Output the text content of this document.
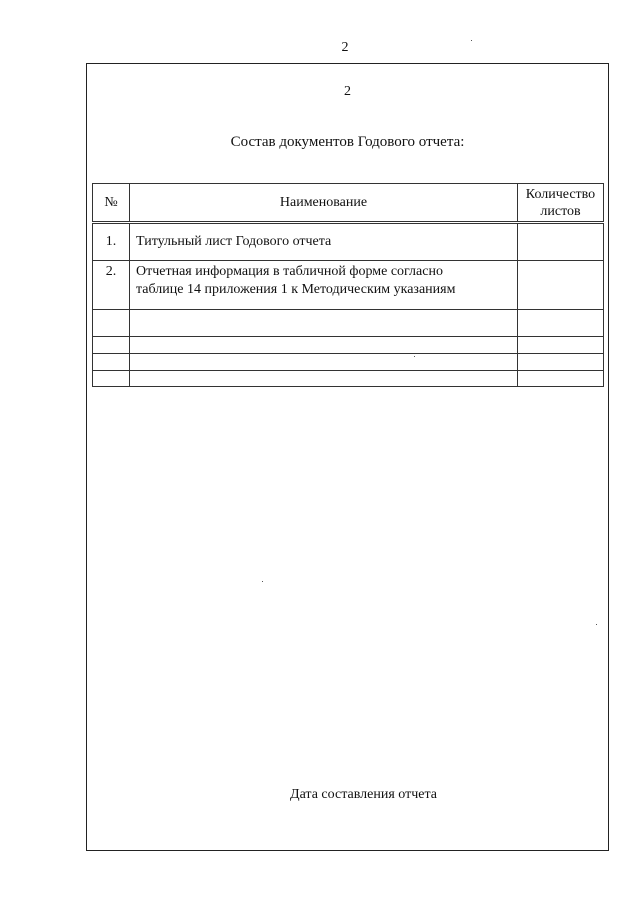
2
2
Состав документов Годового отчета:
№	Наименование	Количество
листов

1.	Титульный лист Годового отчета	

2.	Отчетная информация в табличной форме согласно
таблице 14 приложения 1 к Методическим указаниям	

Дата составления отчета
